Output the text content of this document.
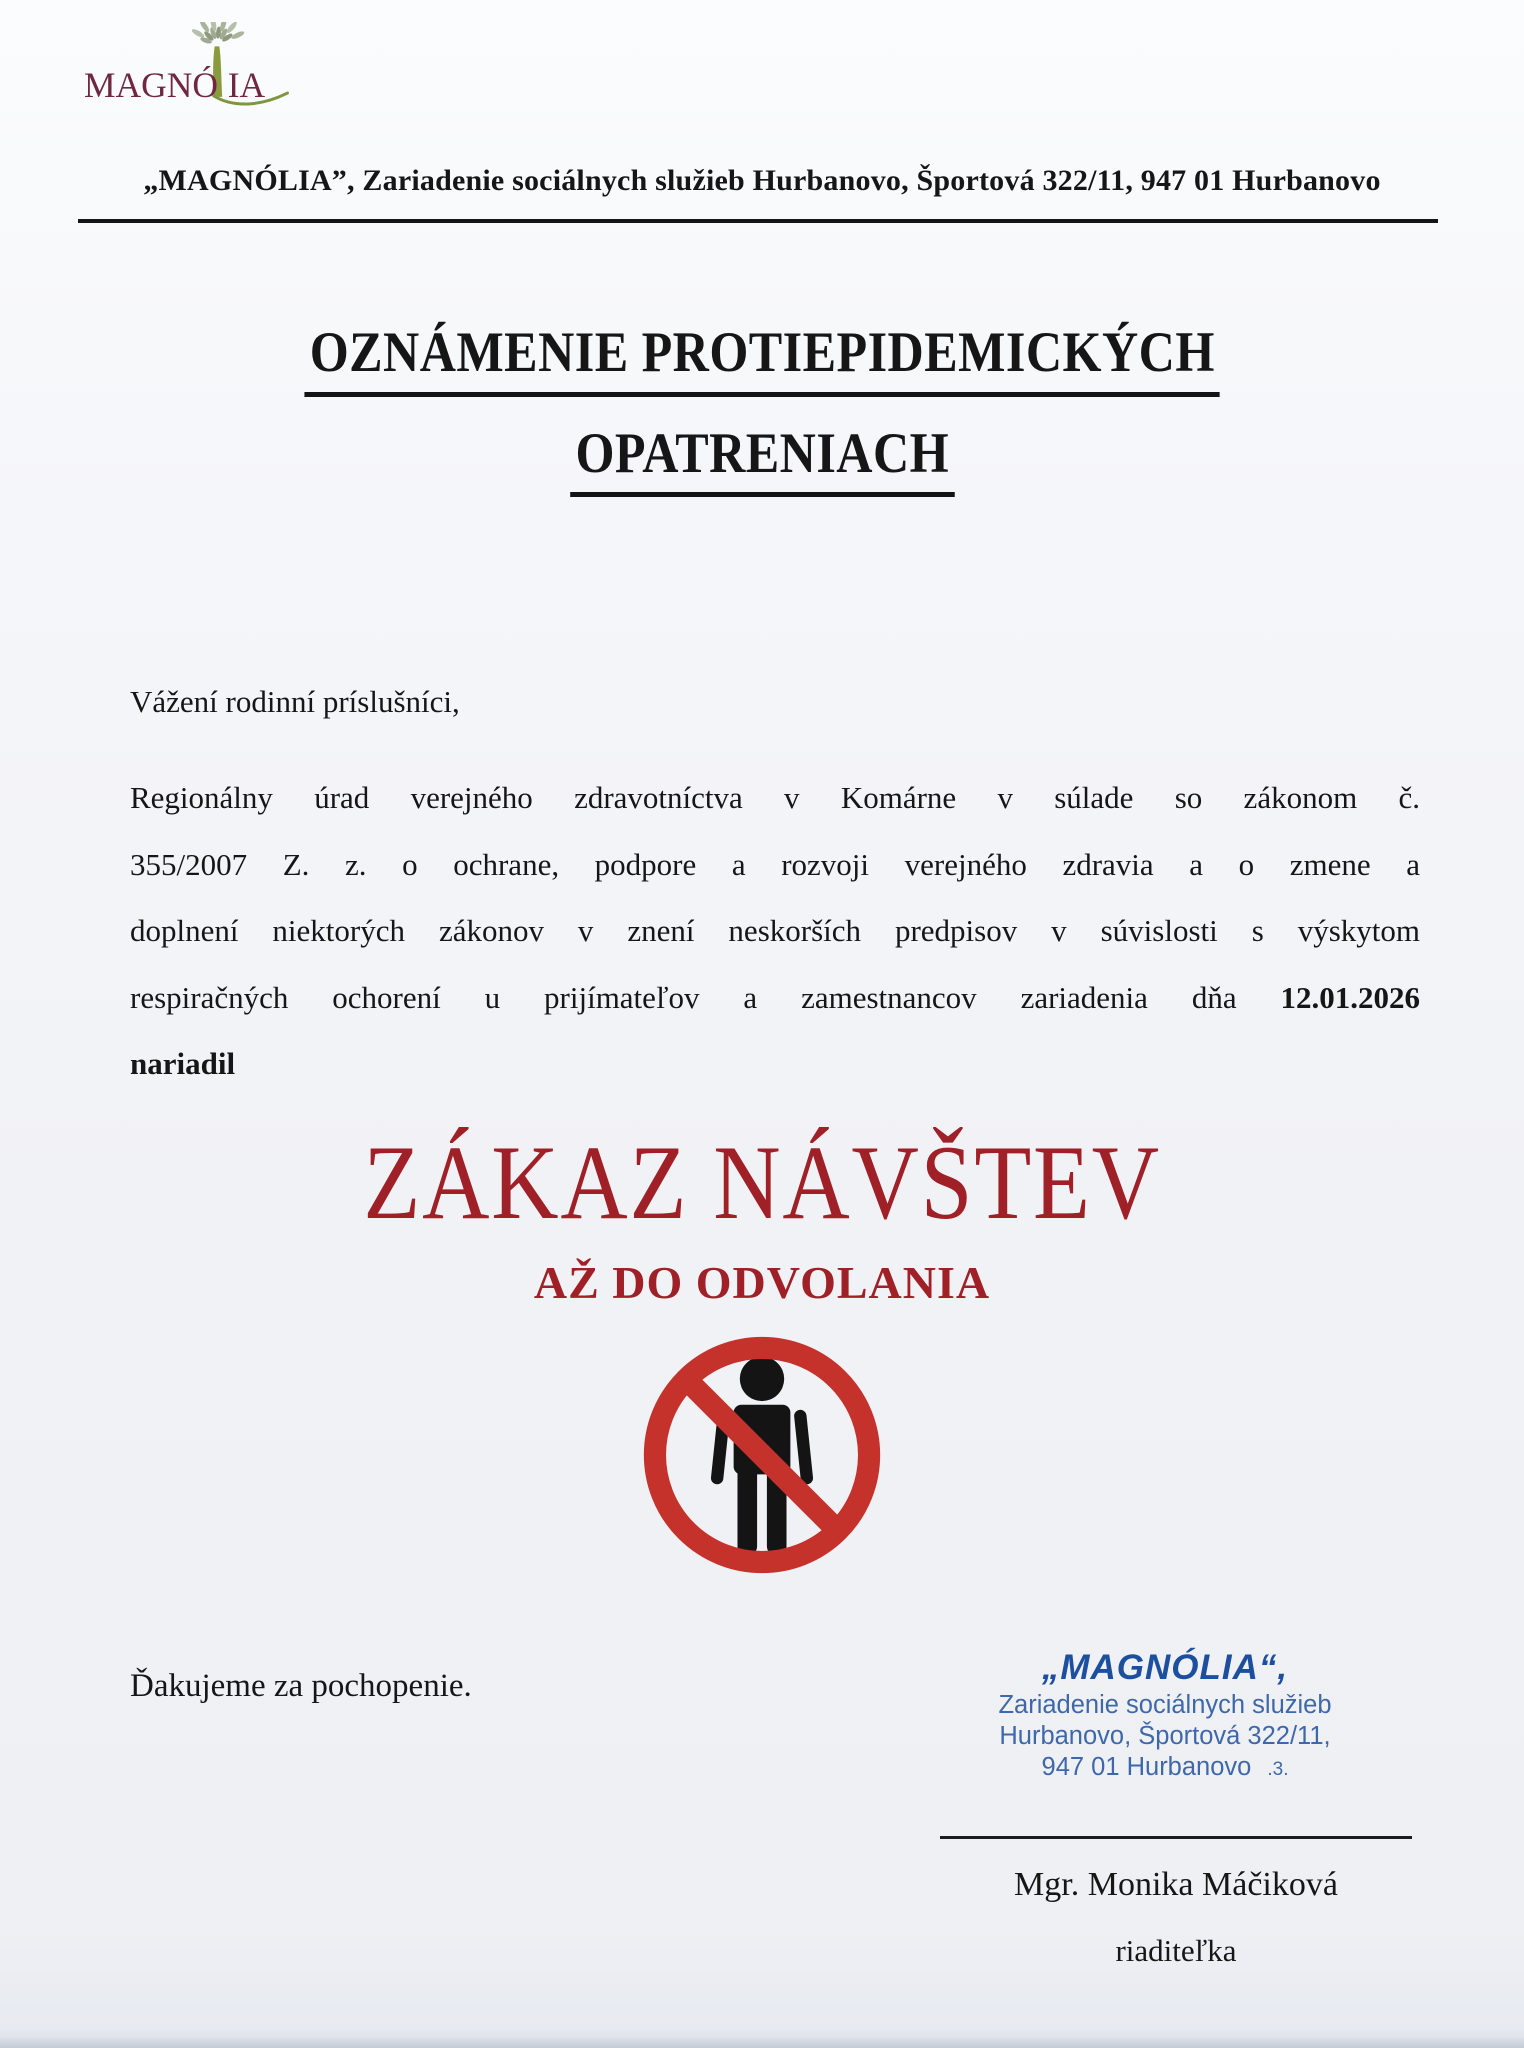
MAGNÓ IA
„MAGNÓLIA”, Zariadenie sociálnych služieb Hurbanovo, Športová 322/11, 947 01 Hurbanovo
OZNÁMENIE PROTIEPIDEMICKÝCH
OPATRENIACH
Vážení rodinní príslušníci,
Regionálny úrad verejného zdravotníctva v Komárne v súlade so zákonom č.
355/2007 Z. z. o ochrane, podpore a rozvoji verejného zdravia a o zmene a
doplnení niektorých zákonov v znení neskorších predpisov v súvislosti s výskytom
respiračných ochorení u prijímateľov a zamestnancov zariadenia dňa 12.01.2026
nariadil
ZÁKAZ NÁVŠTEV
AŽ DO ODVOLANIA
Ďakujeme za pochopenie.	„MAGNÓLIA“,
Zariadenie sociálnych služieb
Hurbanovo, Športová 322/11,
947 01 Hurbanovo .3.
Mgr. Monika Máčiková
riaditeľka
